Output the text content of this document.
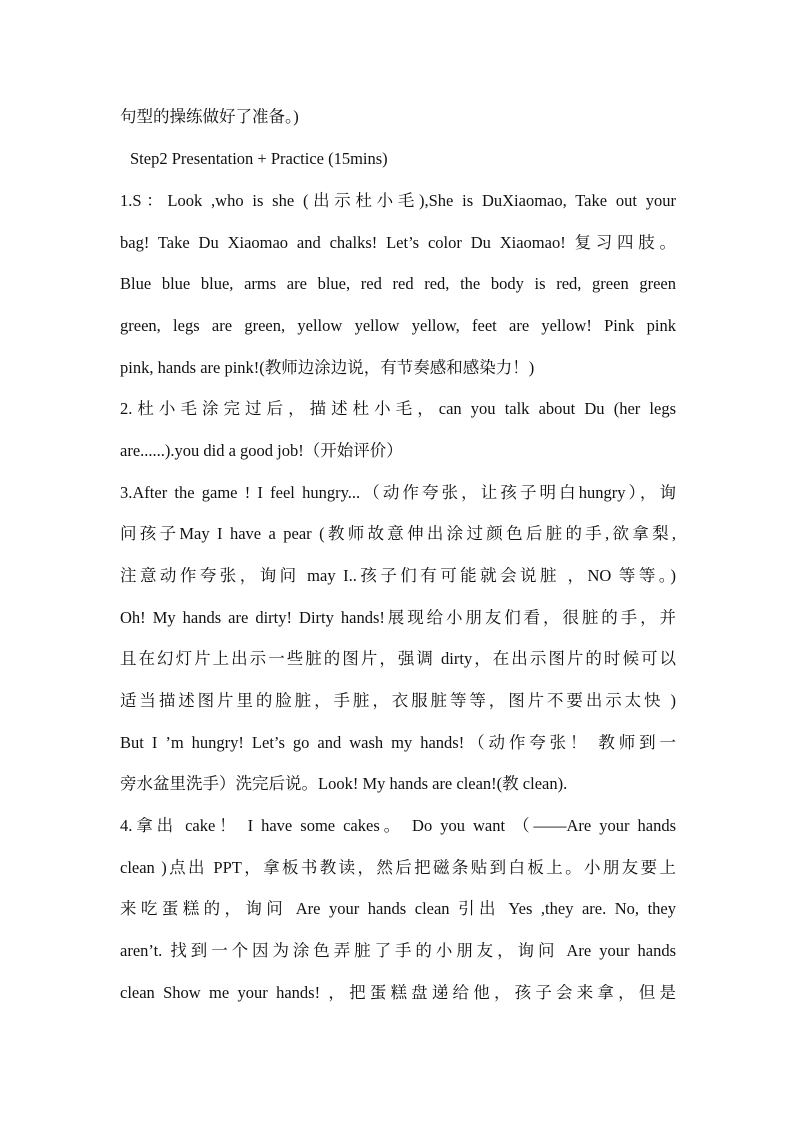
句型的操练做好了准备。)
Step2 Presentation + Practice (15mins)
1.S：Look ,who is she (出示杜小毛),She is DuXiaomao, Take out your
bag! Take Du Xiaomao and chalks! Let’s color Du Xiaomao! 复习四肢。
Blue blue blue, arms are blue, red red red, the body is red, green green
green, legs are green, yellow yellow yellow, feet are yellow! Pink pink
pink, hands are pink!(教师边涂边说，有节奏感和感染力！)
2.杜小毛涂完过后，描述杜小毛，can you talk about Du (her legs
are......).you did a good job!（开始评价）
3.After the game ! I feel hungry...（动作夸张，让孩子明白hungry），询
问孩子May I have a pear (教师故意伸出涂过颜色后脏的手,欲拿梨,
注意动作夸张，询问 may I..孩子们有可能就会说脏 ，NO 等等。)
Oh! My hands are dirty! Dirty hands!展现给小朋友们看，很脏的手，并
且在幻灯片上出示一些脏的图片，强调 dirty，在出示图片的时候可以
适当描述图片里的脸脏，手脏，衣服脏等等，图片不要出示太快 )
But I ’m hungry! Let’s go and wash my hands!（动作夸张！ 教师到一
旁水盆里洗手）洗完后说。Look! My hands are clean!(教 clean).
4.拿出 cake！ I have some cakes。 Do you want （——Are your hands
clean )点出 PPT，拿板书教读，然后把磁条贴到白板上。小朋友要上
来吃蛋糕的，询问 Are your hands clean 引出 Yes ,they are. No, they
aren’t. 找到一个因为涂色弄脏了手的小朋友，询问 Are your hands
clean Show me your hands! ，把蛋糕盘递给他，孩子会来拿，但是
